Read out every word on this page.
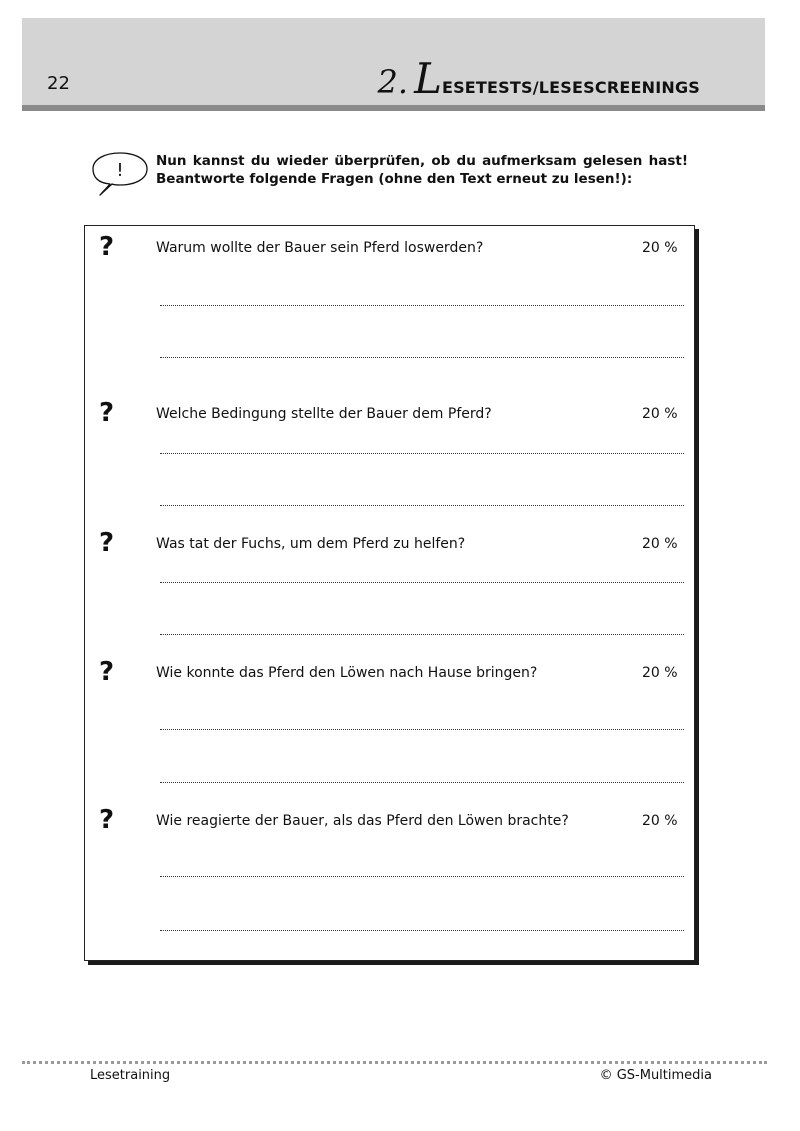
22	2. LESETESTS/LESESCREENINGS
! Nun kannst du wieder überprüfen, ob du aufmerksam gelesen hast!
Beantworte folgende Fragen (ohne den Text erneut zu lesen!):
?	Warum wollte der Bauer sein Pferd loswerden?	20 %
?	Welche Bedingung stellte der Bauer dem Pferd?	20 %
?	Was tat der Fuchs, um dem Pferd zu helfen?	20 %
?	Wie konnte das Pferd den Löwen nach Hause bringen?	20 %
?	Wie reagierte der Bauer, als das Pferd den Löwen brachte?	20 %
Lesetraining	© GS-Multimedia
